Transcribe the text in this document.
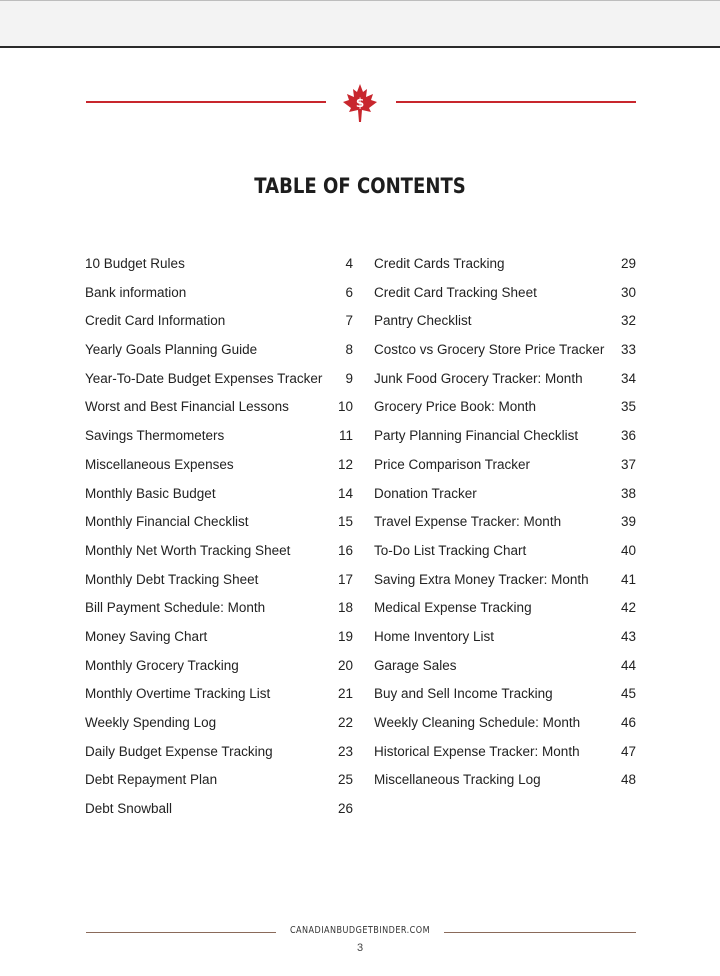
$
TABLE OF CONTENTS
10 Budget Rules	4
Bank information	6
Credit Card Information	7
Yearly Goals Planning Guide	8
Year-To-Date Budget Expenses Tracker 9
Worst and Best Financial Lessons	10
Savings Thermometers	11
Miscellaneous Expenses	12
Monthly Basic Budget	14
Monthly Financial Checklist	15
Monthly Net Worth Tracking Sheet	16
Monthly Debt Tracking Sheet	17
Bill Payment Schedule: Month	18
Money Saving Chart	19
Monthly Grocery Tracking	20
Monthly Overtime Tracking List	21
Weekly Spending Log	22
Daily Budget Expense Tracking	23
Debt Repayment Plan	25
Debt Snowball	26
Credit Cards Tracking	29
Credit Card Tracking Sheet	30
Pantry Checklist	32
Costco vs Grocery Store Price Tracker 33
Junk Food Grocery Tracker: Month	34
Grocery Price Book: Month	35
Party Planning Financial Checklist	36
Price Comparison Tracker	37
Donation Tracker	38
Travel Expense Tracker: Month	39
To-Do List Tracking Chart	40
Saving Extra Money Tracker: Month 41
Medical Expense Tracking	42
Home Inventory List	43
Garage Sales	44
Buy and Sell Income Tracking	45
Weekly Cleaning Schedule: Month	46
Historical Expense Tracker: Month	47
Miscellaneous Tracking Log	48
CANADIANBUDGETBINDER.COM
3
